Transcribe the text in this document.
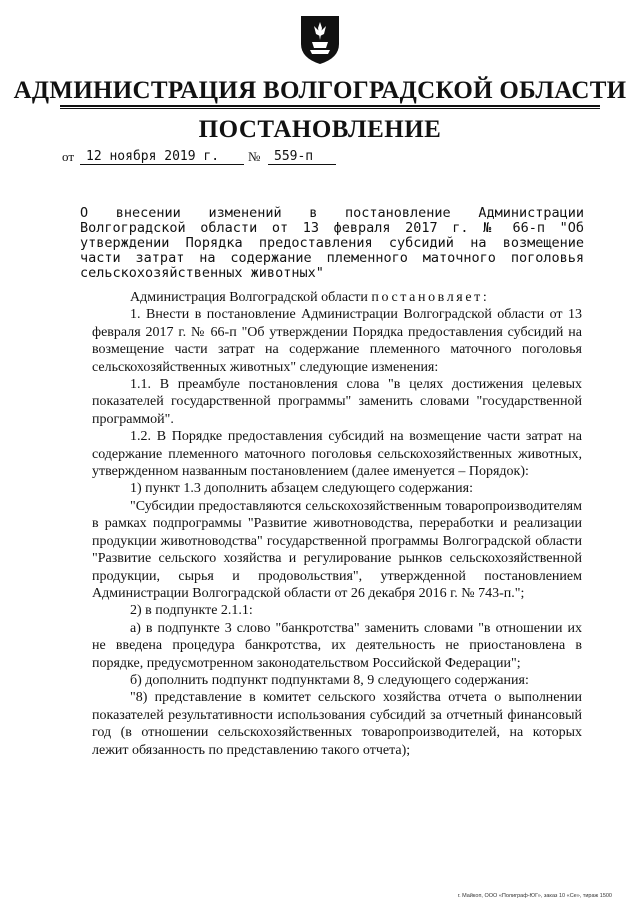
АДМИНИСТРАЦИЯ ВОЛГОГРАДСКОЙ ОБЛАСТИ
ПОСТАНОВЛЕНИЕ
от 12 ноября 2019 г.	№	559-п
О внесении изменений в постановление Администрации Волгоградской области от 13 февраля 2017 г. № 66-п "Об утверждении Порядка предоставления субсидий на возмещение части затрат на содержание племенного маточного поголовья сельскохозяйственных животных"

Администрация Волгоградской области постановляет:

1. Внести в постановление Администрации Волгоградской области от 13 февраля 2017 г. № 66-п "Об утверждении Порядка предоставления субсидий на возмещение части затрат на содержание племенного маточного поголовья сельскохозяйственных животных" следующие изменения:

1.1. В преамбуле постановления слова "в целях достижения целевых показателей государственной программы" заменить словами "государственной программой".

1.2. В Порядке предоставления субсидий на возмещение части затрат на содержание племенного маточного поголовья сельскохозяйственных животных, утвержденном названным постановлением (далее именуется – Порядок):

1) пункт 1.3 дополнить абзацем следующего содержания:

"Субсидии предоставляются сельскохозяйственным товаропроизводителям в рамках подпрограммы "Развитие животноводства, переработки и реализации продукции животноводства" государственной программы Волгоградской области "Развитие сельского хозяйства и регулирование рынков сельскохозяйственной продукции, сырья и продовольствия", утвержденной постановлением Администрации Волгоградской области от 26 декабря 2016 г. № 743-п.";

2) в подпункте 2.1.1:

а) в подпункте 3 слово "банкротства" заменить словами "в отношении их не введена процедура банкротства, их деятельность не приостановлена в порядке, предусмотренном законодательством Российской Федерации";

б) дополнить подпункт подпунктами 8, 9 следующего содержания:

"8) представление в комитет сельского хозяйства отчета о выполнении показателей результативности использования субсидий за отчетный финансовый год (в отношении сельскохозяйственных товаропроизводителей, на которых лежит обязанность по представлению такого отчета);

г. Майкоп, ООО «Полиграф-ЮГ», заказ 10 «Се», тираж 1500
